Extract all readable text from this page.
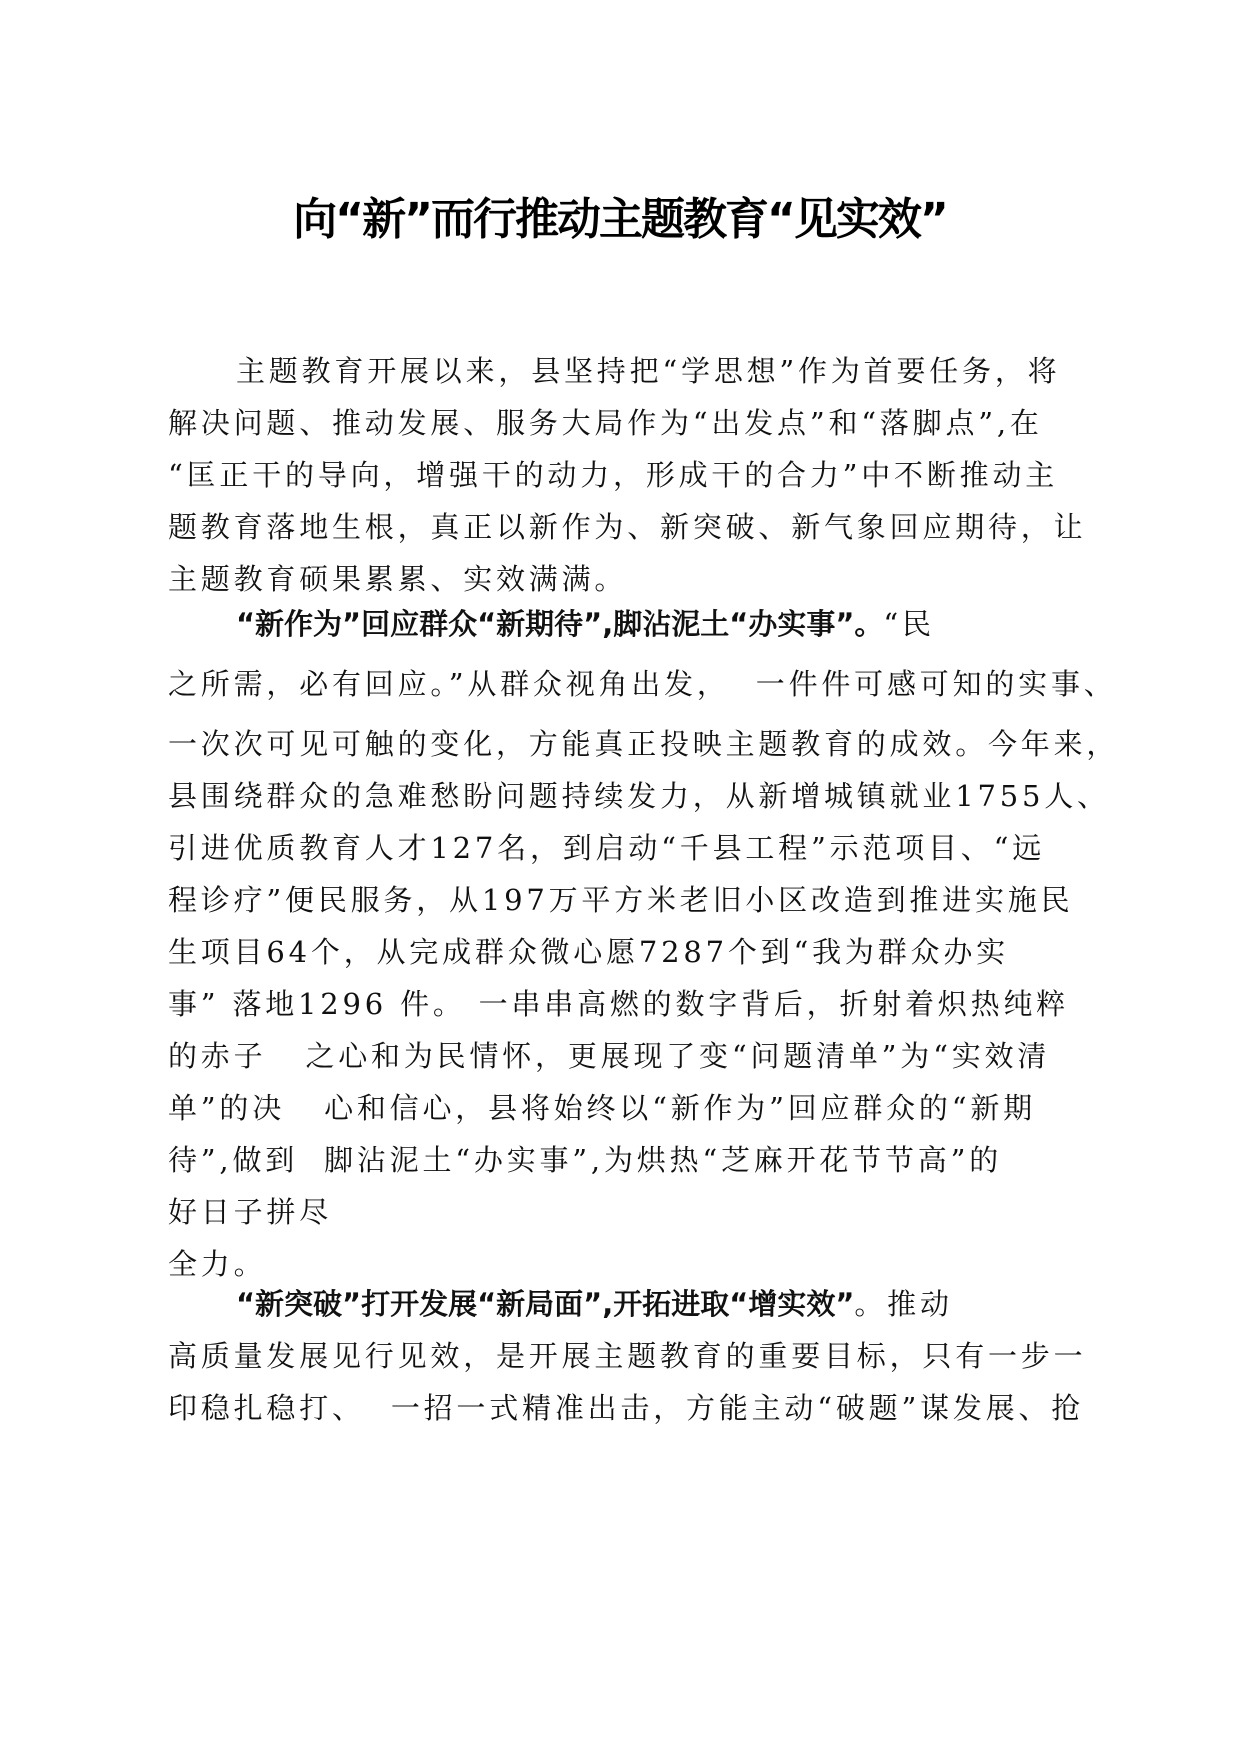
向“新”而行推动主题教育“见实效”
主题教育开展以来，县坚持把“学思想”作为首要任务，将
解决问题、推动发展、服务大局作为“出发点”和“落脚点”,在
“匡正干的导向，增强干的动力，形成干的合力”中不断推动主
题教育落地生根，真正以新作为、新突破、新气象回应期待，让
主题教育硕果累累、实效满满。
“新作为”回应群众“新期待”,脚沾泥土“办实事”。“民
之所需，必有回应。”从群众视角出发，  一件件可感可知的实事、
一次次可见可触的变化，方能真正投映主题教育的成效。今年来，
县围绕群众的急难愁盼问题持续发力，从新增城镇就业1755人、
引进优质教育人才127名，到启动“千县工程”示范项目、“远
程诊疗”便民服务，从197万平方米老旧小区改造到推进实施民
生项目64个，从完成群众微心愿7287个到“我为群众办实
事” 落地1296 件。 一串串高燃的数字背后，折射着炽热纯粹
的赤子   之心和为民情怀，更展现了变“问题清单”为“实效清
单”的决   心和信心，县将始终以“新作为”回应群众的“新期
待”,做到  脚沾泥土“办实事”,为烘热“芝麻开花节节高”的
好日子拼尽
全力。
“新突破”打开发展“新局面”,开拓进取“增实效”。推动
高质量发展见行见效，是开展主题教育的重要目标，只有一步一
印稳扎稳打、  一招一式精准出击，方能主动“破题”谋发展、抢
